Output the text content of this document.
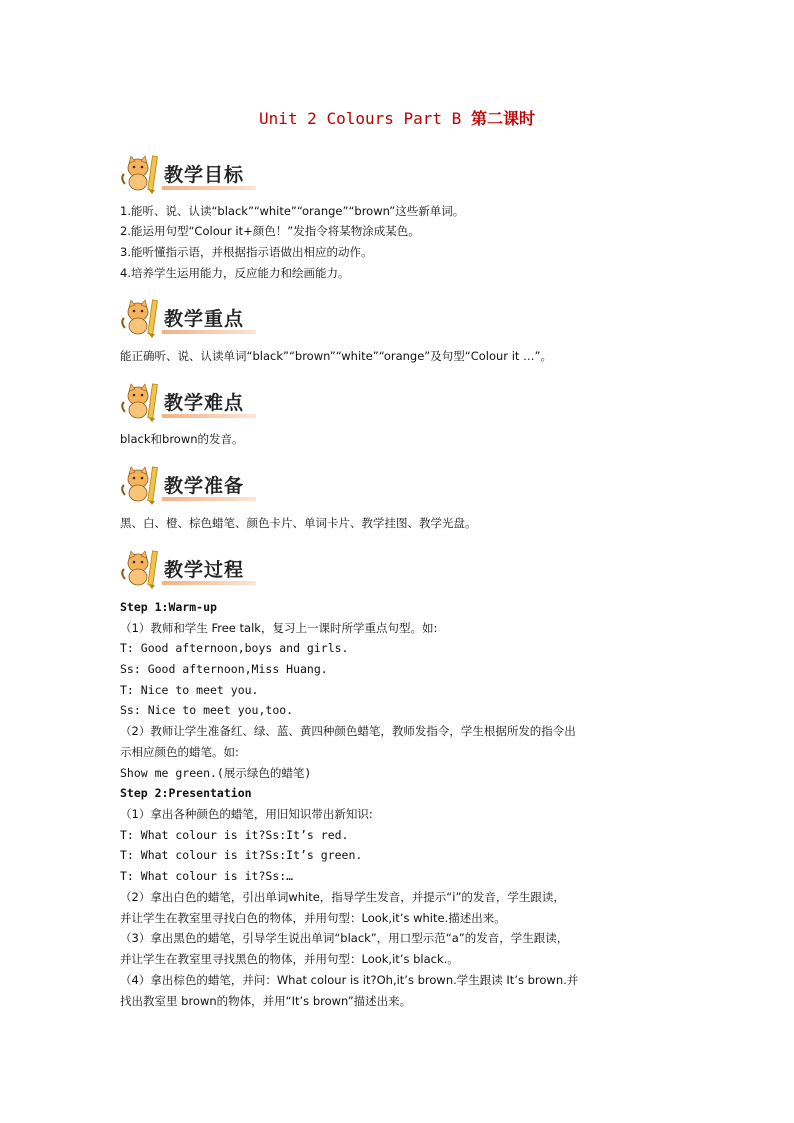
Unit 2 Colours Part B 第二课时
教学目标
1.能听、说、认读“black”“white”“orange”“brown”这些新单词。
2.能运用句型“Colour it+颜色！”发指令将某物涂成某色。
3.能听懂指示语，并根据指示语做出相应的动作。
4.培养学生运用能力，反应能力和绘画能力。
教学重点
能正确听、说、认读单词“black”“brown”“white”“orange”及句型“Colour it …”。
教学难点
black和brown的发音。
教学准备
黑、白、橙、棕色蜡笔、颜色卡片、单词卡片、教学挂图、教学光盘。
教学过程
Step 1:Warm-up
（1）教师和学生 Free talk，复习上一课时所学重点句型。如:
T: Good afternoon,boys and girls.
Ss: Good afternoon,Miss Huang.
T: Nice to meet you.
Ss: Nice to meet you,too.
（2）教师让学生准备红、绿、蓝、黄四种颜色蜡笔，教师发指令，学生根据所发的指令出
示相应颜色的蜡笔。如:
Show me green.(展示绿色的蜡笔)
Step 2:Presentation
（1）拿出各种颜色的蜡笔，用旧知识带出新知识:
T: What colour is it?Ss:It’s red.
T: What colour is it?Ss:It’s green.
T: What colour is it?Ss:…
（2）拿出白色的蜡笔，引出单词white，指导学生发音，并提示“i”的发音，学生跟读，
并让学生在教室里寻找白色的物体，并用句型：Look,it’s white.描述出来。
（3）拿出黑色的蜡笔，引导学生说出单词“black”，用口型示范“a”的发音，学生跟读，
并让学生在教室里寻找黑色的物体，并用句型：Look,it’s black.。
（4）拿出棕色的蜡笔，并问：What colour is it?Oh,it’s brown.学生跟读 It’s brown.并
找出教室里 brown的物体，并用“It’s brown”描述出来。
